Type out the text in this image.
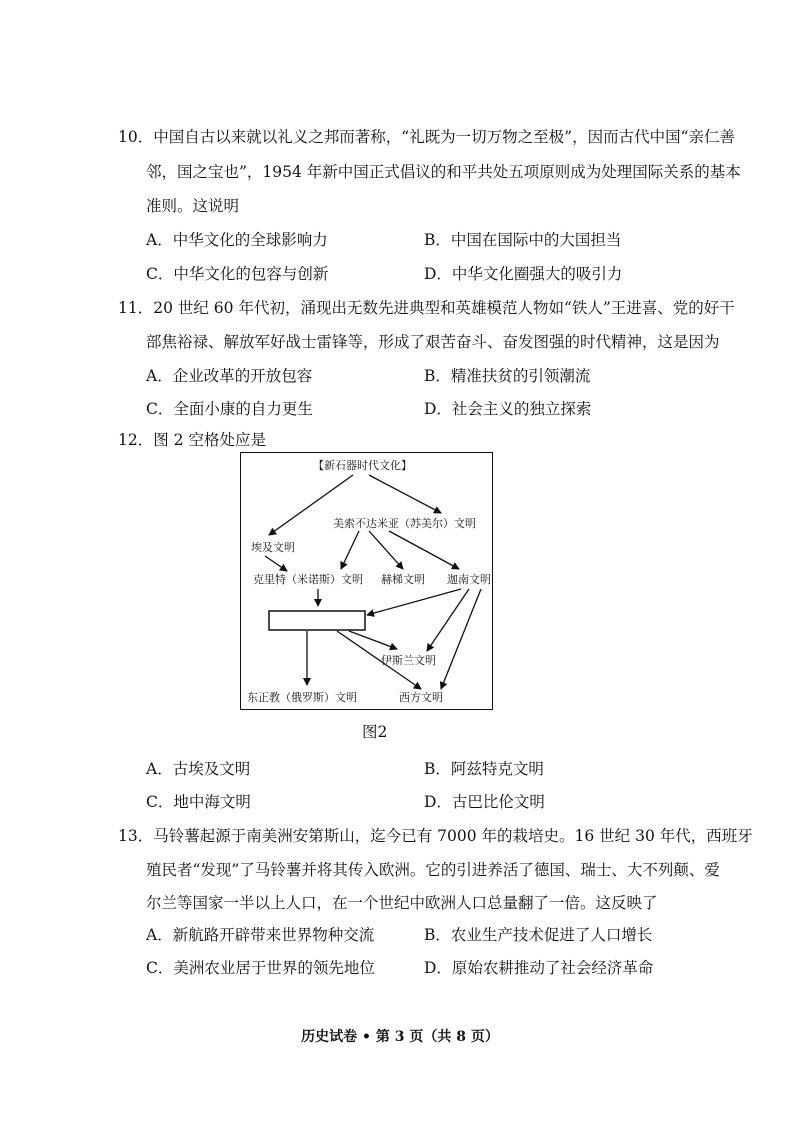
10．中国自古以来就以礼义之邦而著称，“礼既为一切万物之至极”，因而古代中国“亲仁善
邻，国之宝也”，1954 年新中国正式倡议的和平共处五项原则成为处理国际关系的基本
准则。这说明
A．中华文化的全球影响力	B．中国在国际中的大国担当
C．中华文化的包容与创新	D．中华文化圈强大的吸引力
11．20 世纪 60 年代初，涌现出无数先进典型和英雄模范人物如“铁人”王进喜、党的好干
部焦裕禄、解放军好战士雷锋等，形成了艰苦奋斗、奋发图强的时代精神，这是因为
A．企业改革的开放包容	B．精准扶贫的引领潮流
C．全面小康的自力更生	D．社会主义的独立探索
12．图 2 空格处应是
【新石器时代文化】
美索不达米亚（苏美尔）文明
埃及文明
克里特（米诺斯）文明 赫梯文明 迦南文明
伊斯兰文明
东正教（俄罗斯）文明	西方文明
图2
A．古埃及文明	B．阿兹特克文明
C．地中海文明	D．古巴比伦文明
13．马铃薯起源于南美洲安第斯山，迄今已有 7000 年的栽培史。16 世纪 30 年代，西班牙
殖民者“发现”了马铃薯并将其传入欧洲。它的引进养活了德国、瑞士、大不列颠、爱
尔兰等国家一半以上人口，在一个世纪中欧洲人口总量翻了一倍。这反映了
A．新航路开辟带来世界物种交流	B．农业生产技术促进了人口增长
C．美洲农业居于世界的领先地位	D．原始农耕推动了社会经济革命
历史试卷 • 第 3 页（共 8 页）
